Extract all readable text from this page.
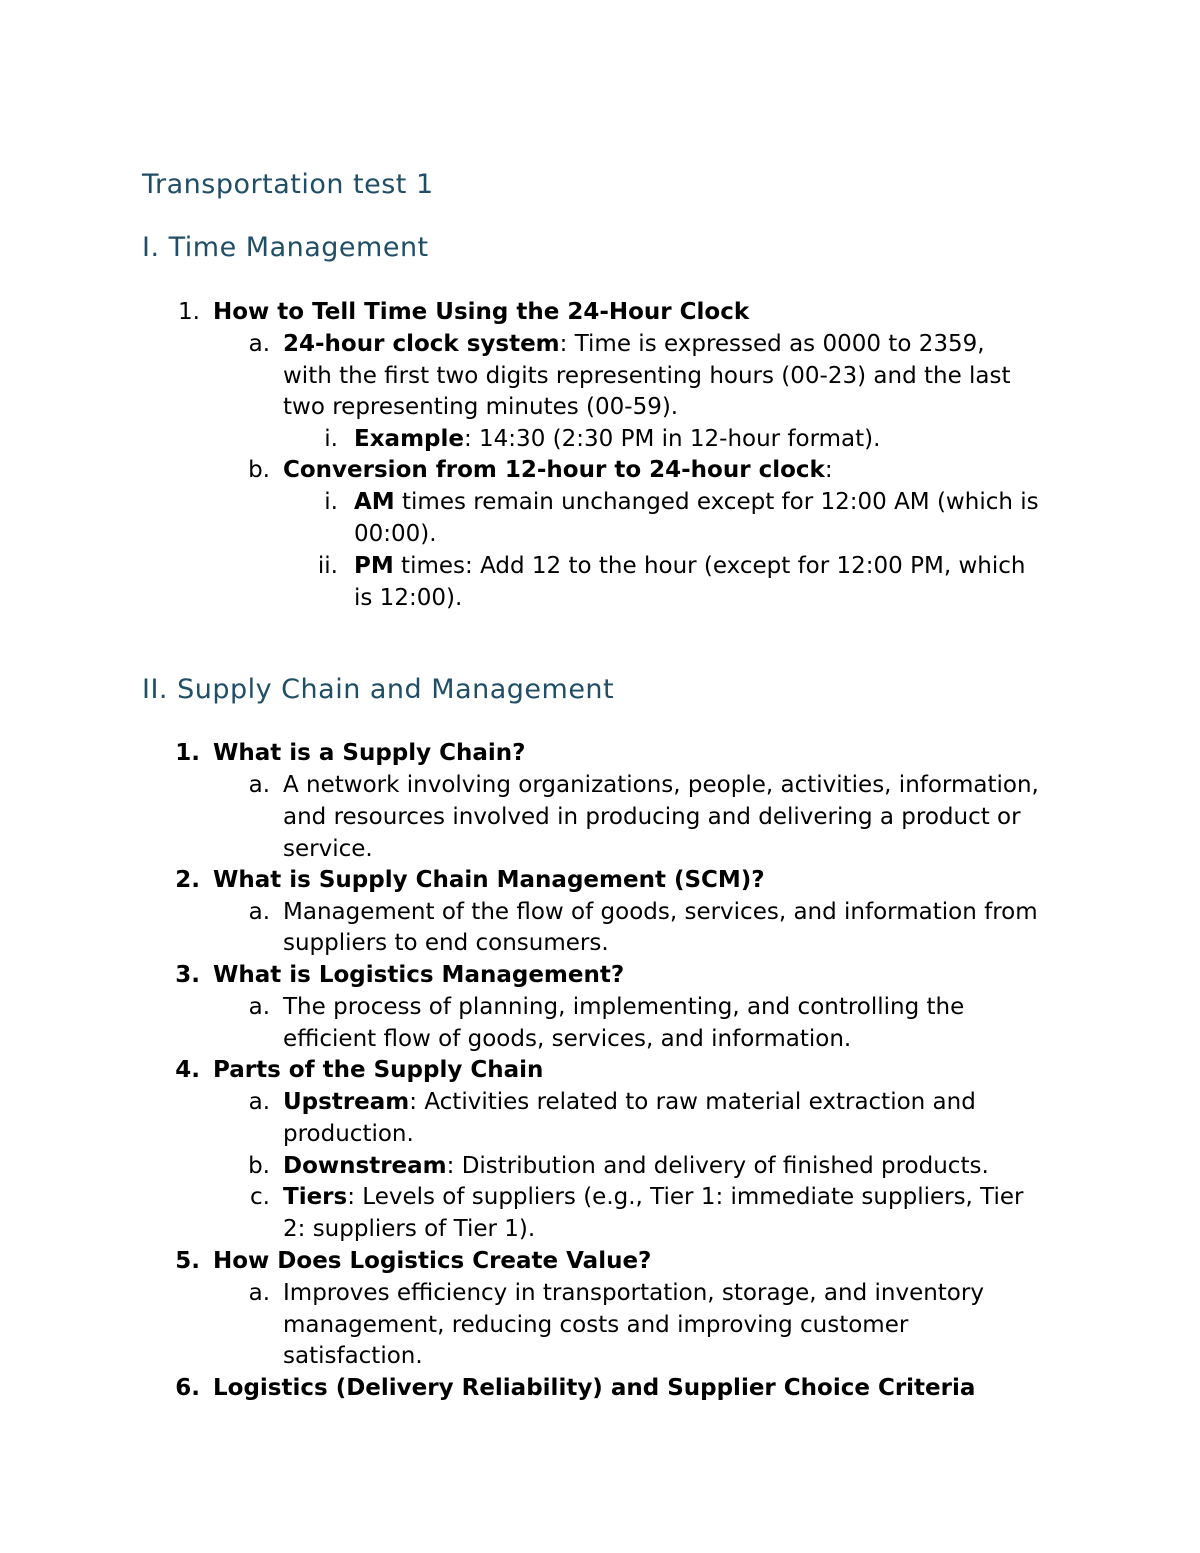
Transportation test 1
I. Time Management
1. How to Tell Time Using the 24-Hour Clock
a. 24-hour clock system: Time is expressed as 0000 to 2359,
with the first two digits representing hours (00-23) and the last
two representing minutes (00-59).
i. Example: 14:30 (2:30 PM in 12-hour format).
b. Conversion from 12-hour to 24-hour clock:
i. AM times remain unchanged except for 12:00 AM (which is
00:00).
ii. PM times: Add 12 to the hour (except for 12:00 PM, which
is 12:00).
II. Supply Chain and Management
1. What is a Supply Chain?
a. A network involving organizations, people, activities, information,
and resources involved in producing and delivering a product or
service.
2. What is Supply Chain Management (SCM)?
a. Management of the flow of goods, services, and information from
suppliers to end consumers.
3. What is Logistics Management?
a. The process of planning, implementing, and controlling the
efficient flow of goods, services, and information.
4. Parts of the Supply Chain
a. Upstream: Activities related to raw material extraction and
production.
b. Downstream: Distribution and delivery of finished products.
c. Tiers: Levels of suppliers (e.g., Tier 1: immediate suppliers, Tier
2: suppliers of Tier 1).
5. How Does Logistics Create Value?
a. Improves efficiency in transportation, storage, and inventory
management, reducing costs and improving customer
satisfaction.
6. Logistics (Delivery Reliability) and Supplier Choice Criteria
